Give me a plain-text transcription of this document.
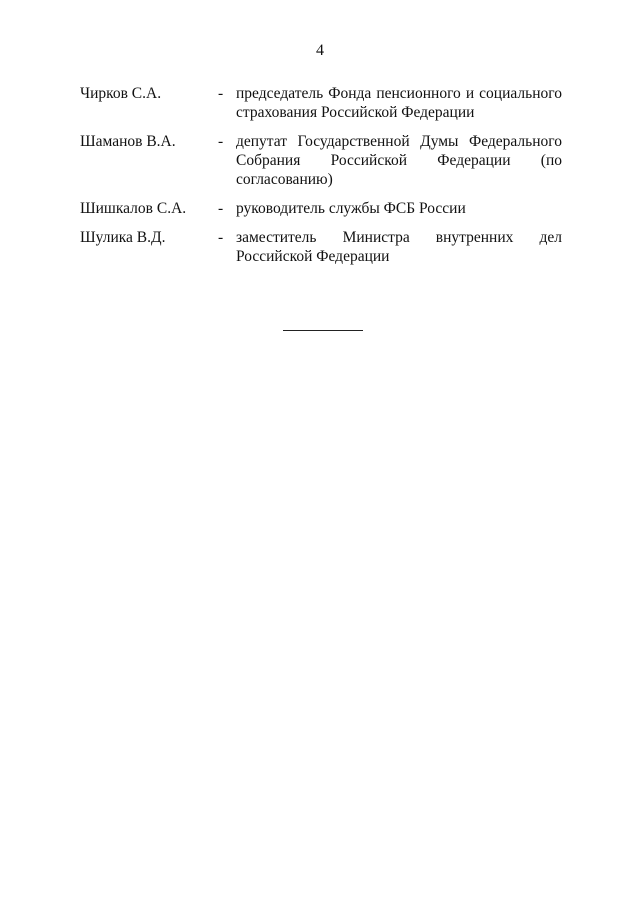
4
Чирков С.А.	- председатель Фонда пенсионного и социального страхования Российской Федерации
Шаманов В.А.	- депутат Государственной Думы Федерального Собрания Российской Федерации (по согласованию)
Шишкалов С.А.	- руководитель службы ФСБ России
Шулика В.Д.	- заместитель Министра внутренних дел Российской Федерации
